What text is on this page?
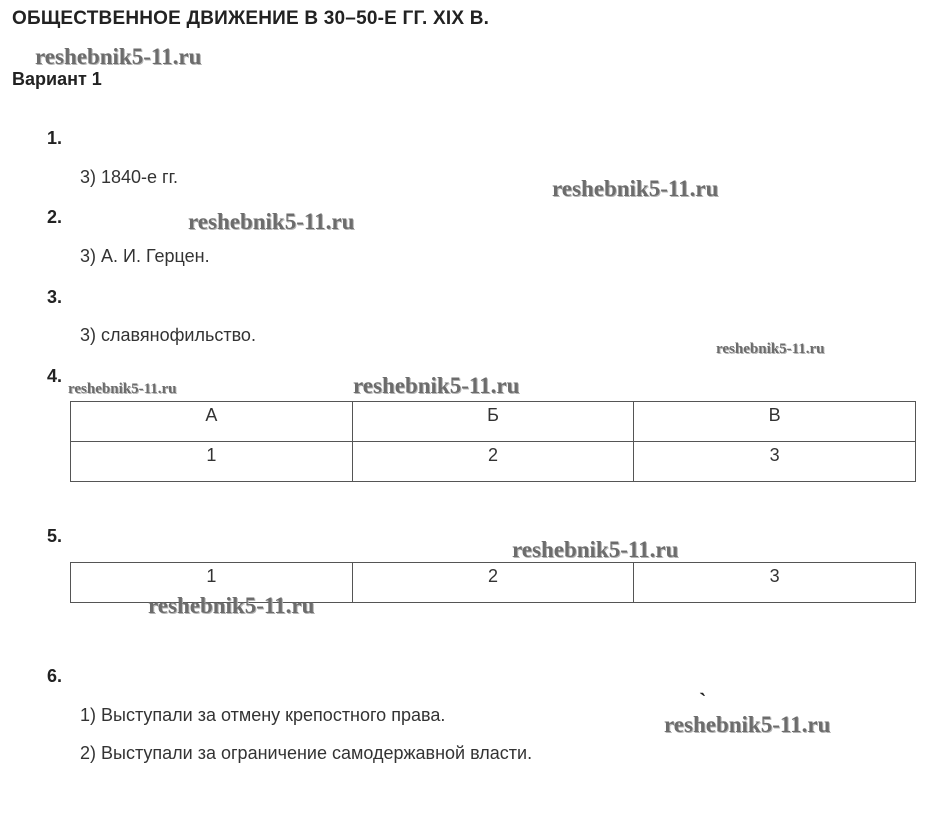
ОБЩЕСТВЕННОЕ ДВИЖЕНИЕ В 30–50-Е ГГ. XIX В.
reshebnik5-11.ru
Вариант 1
1.
3) 1840-е гг.	reshebnik5-11.ru
2.	reshebnik5-11.ru
3) А. И. Герцен.
3.
3) славянофильство.
reshebnik5-11.ru
4.
reshebnik5-11.ru	reshebnik5-11.ru
А	Б	В
1	2	3
5.
reshebnik5-11.ru
1	2	3
reshebnik5-11.ru
6.
1) Выступали за отмену крепостного права.
`
reshebnik5-11.ru
2) Выступали за ограничение самодержавной власти.
